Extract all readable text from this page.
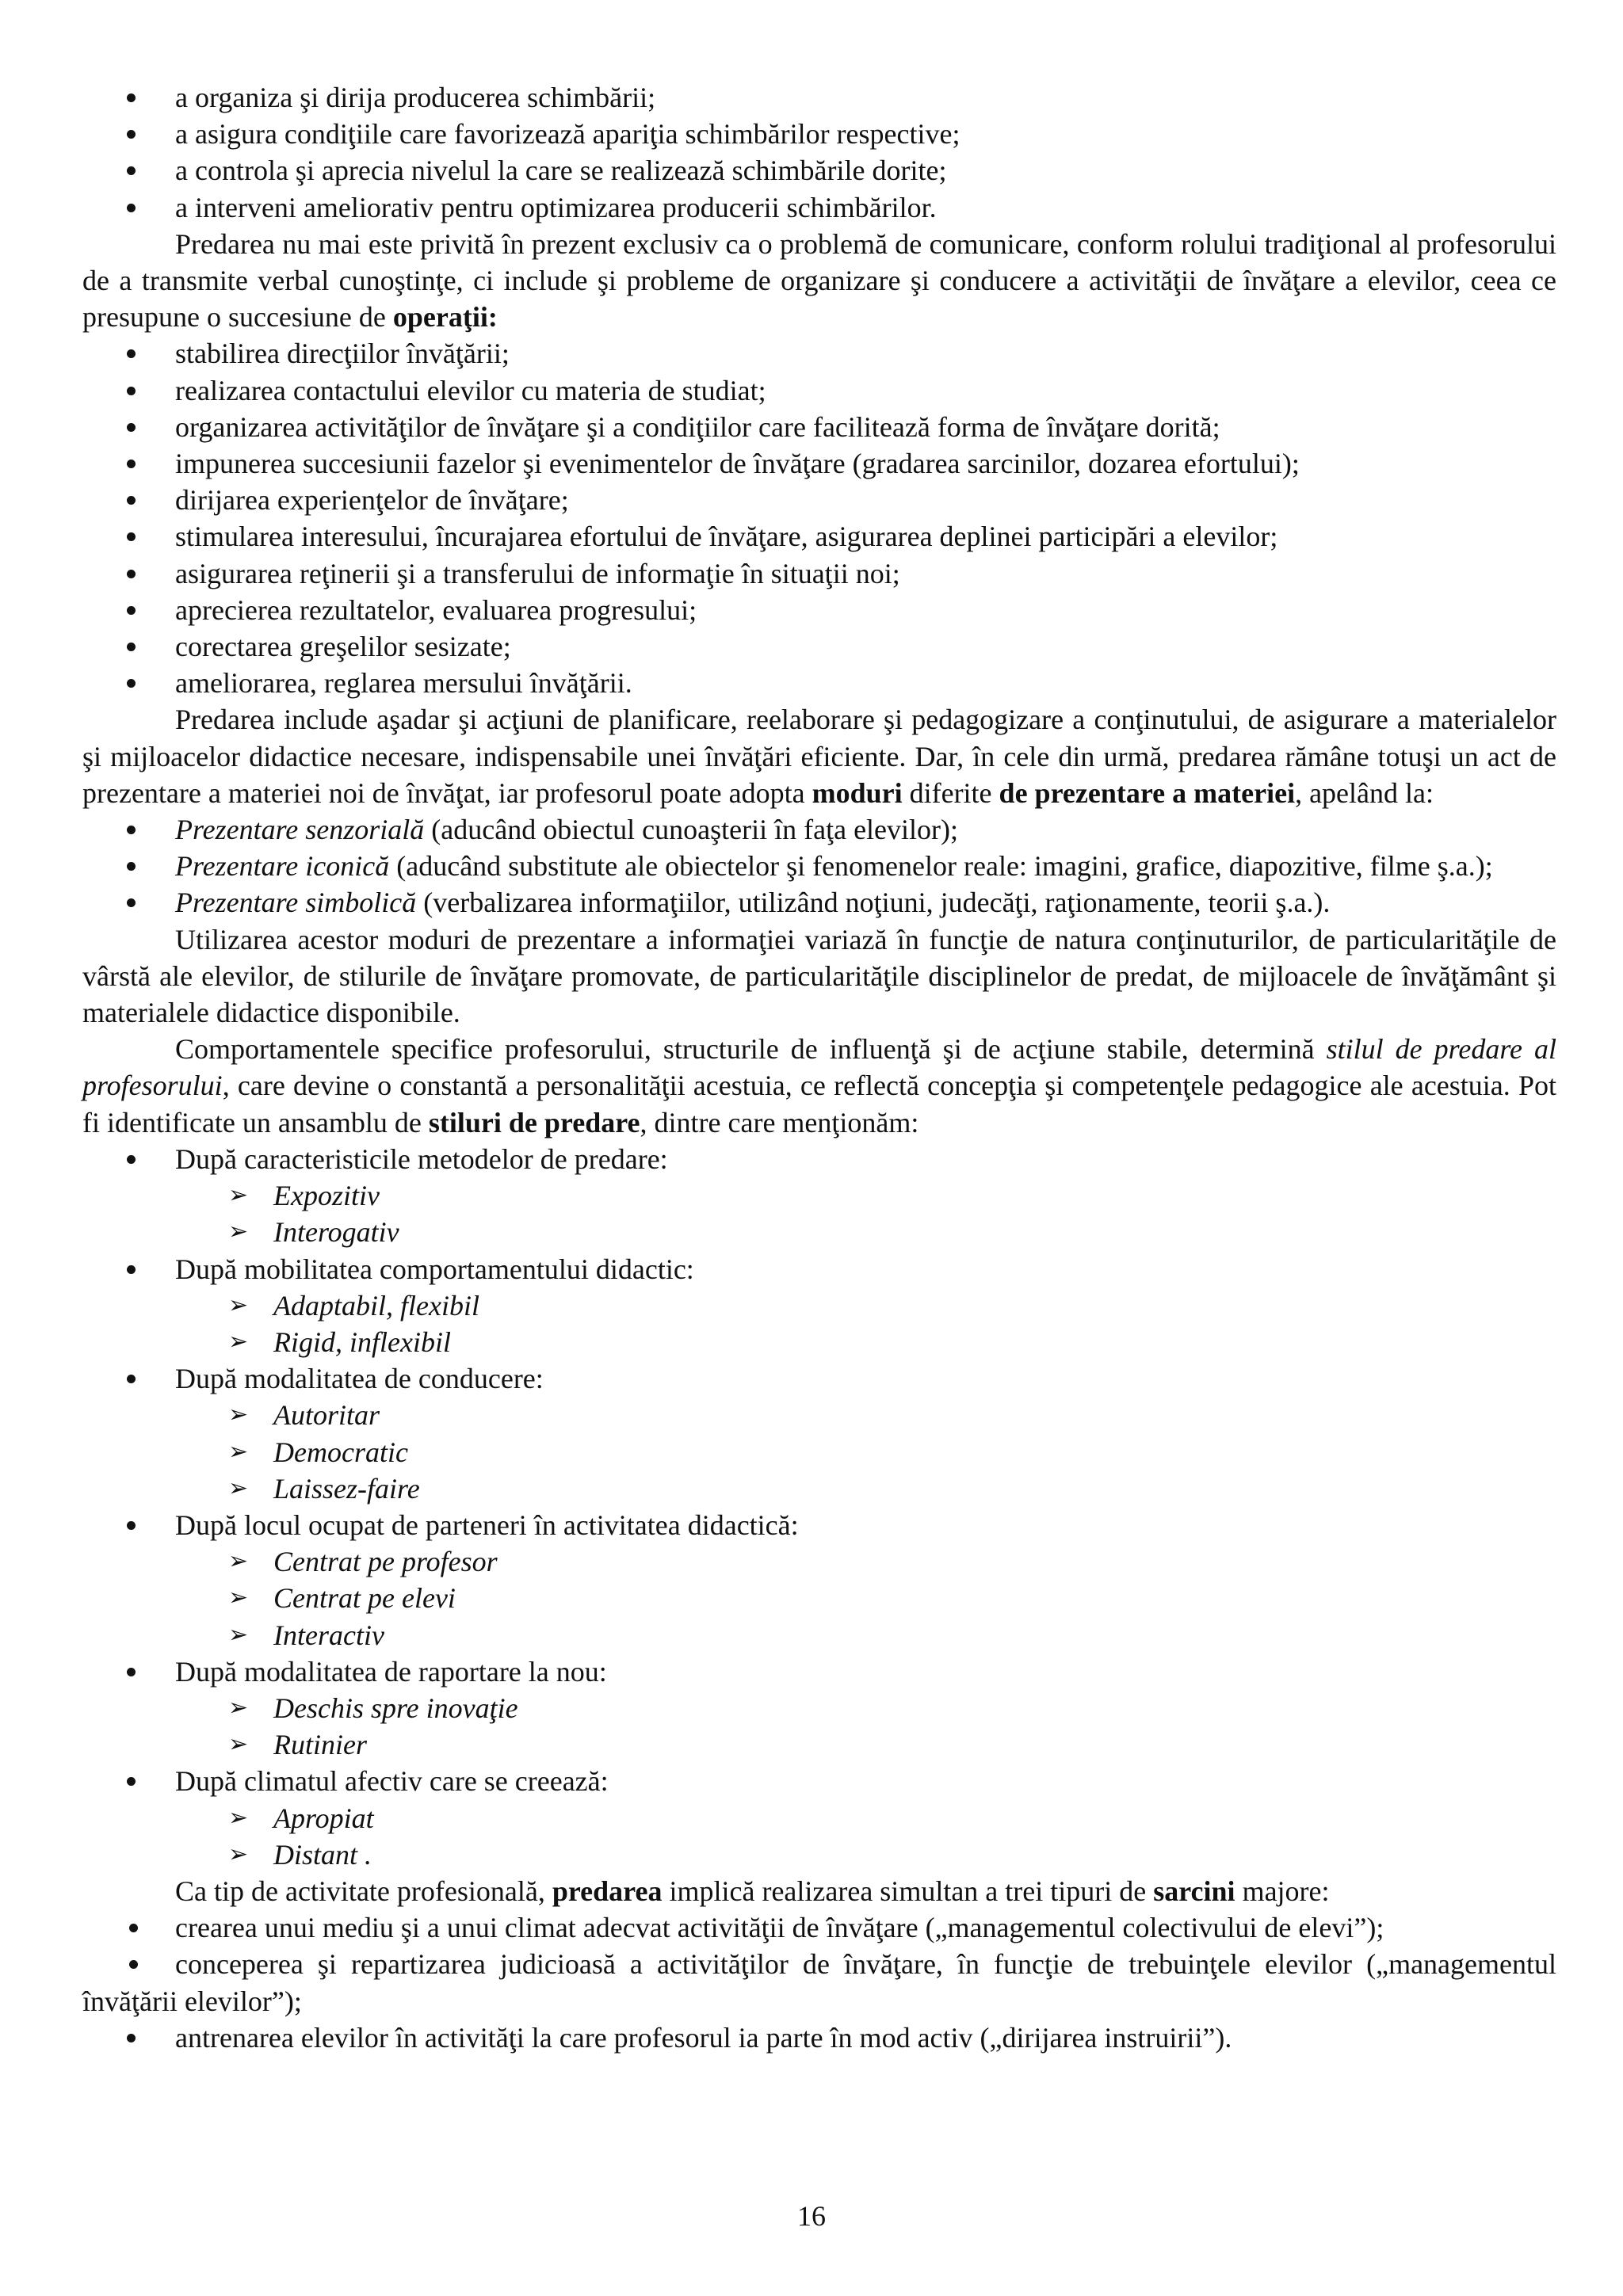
a organiza şi dirija producerea schimbării;
a asigura condiţiile care favorizează apariţia schimbărilor respective;
a controla şi aprecia nivelul la care se realizează schimbările dorite;
a interveni ameliorativ pentru optimizarea producerii schimbărilor.

Predarea nu mai este privită în prezent exclusiv ca o problemă de comunicare, conform rolului tradiţional al profesorului de a transmite verbal cunoştinţe, ci include şi probleme de organizare şi conducere a activităţii de învăţare a elevilor, ceea ce presupune o succesiune de operaţii:

stabilirea direcţiilor învăţării;
realizarea contactului elevilor cu materia de studiat;
organizarea activităţilor de învăţare şi a condiţiilor care facilitează forma de învăţare dorită;
impunerea succesiunii fazelor şi evenimentelor de învăţare (gradarea sarcinilor, dozarea efortului);
dirijarea experienţelor de învăţare;
stimularea interesului, încurajarea efortului de învăţare, asigurarea deplinei participări a elevilor;
asigurarea reţinerii şi a transferului de informaţie în situaţii noi;
aprecierea rezultatelor, evaluarea progresului;
corectarea greşelilor sesizate;
ameliorarea, reglarea mersului învăţării.

Predarea include aşadar şi acţiuni de planificare, reelaborare şi pedagogizare a conţinutului, de asigurare a materialelor şi mijloacelor didactice necesare, indispensabile unei învăţări eficiente. Dar, în cele din urmă, predarea rămâne totuşi un act de prezentare a materiei noi de învăţat, iar profesorul poate adopta moduri diferite de prezentare a materiei, apelând la:

Prezentare senzorială (aducând obiectul cunoaşterii în faţa elevilor);
Prezentare iconică (aducând substitute ale obiectelor şi fenomenelor reale: imagini, grafice, diapozitive, filme ş.a.);
Prezentare simbolică (verbalizarea informaţiilor, utilizând noţiuni, judecăţi, raţionamente, teorii ş.a.).

Utilizarea acestor moduri de prezentare a informaţiei variază în funcţie de natura conţinuturilor, de particularităţile de vârstă ale elevilor, de stilurile de învăţare promovate, de particularităţile disciplinelor de predat, de mijloacele de învăţământ şi materialele didactice disponibile.

Comportamentele specifice profesorului, structurile de influenţă şi de acţiune stabile, determină stilul de predare al profesorului, care devine o constantă a personalităţii acestuia, ce reflectă concepţia şi competenţele pedagogice ale acestuia. Pot fi identificate un ansamblu de stiluri de predare, dintre care menţionăm:

După caracteristicile metodelor de predare:
➢ Expozitiv
➢ Interogativ
După mobilitatea comportamentului didactic:
➢ Adaptabil, flexibil
➢ Rigid, inflexibil
După modalitatea de conducere:
➢ Autoritar
➢ Democratic
➢ Laissez-faire
După locul ocupat de parteneri în activitatea didactică:
➢ Centrat pe profesor
➢ Centrat pe elevi
➢ Interactiv
După modalitatea de raportare la nou:
➢ Deschis spre inovaţie
➢ Rutinier
După climatul afectiv care se creează:
➢ Apropiat
➢ Distant .

Ca tip de activitate profesională, predarea implică realizarea simultan a trei tipuri de sarcini majore:

crearea unui mediu şi a unui climat adecvat activităţii de învăţare („managementul colectivului de elevi”);
conceperea şi repartizarea judicioasă a activităţilor de învăţare, în funcţie de trebuinţele elevilor („managementul învăţării elevilor”);
antrenarea elevilor în activităţi la care profesorul ia parte în mod activ („dirijarea instruirii”).
16
